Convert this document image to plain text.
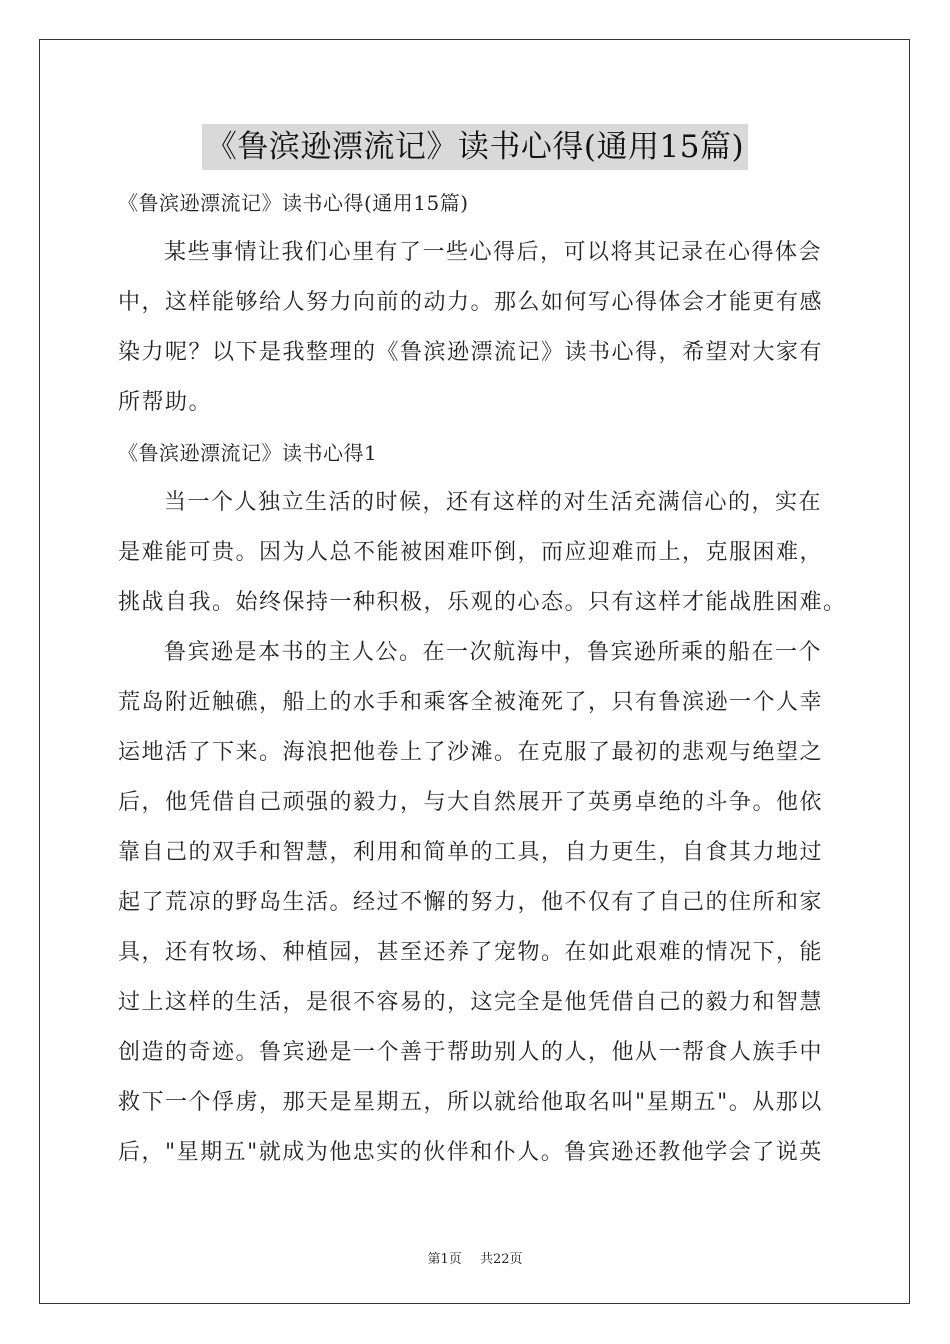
《鲁滨逊漂流记》读书心得(通用15篇)

《鲁滨逊漂流记》读书心得(通用15篇)

某些事情让我们心里有了一些心得后，可以将其记录在心得体会

中，这样能够给人努力向前的动力。那么如何写心得体会才能更有感

染力呢？以下是我整理的《鲁滨逊漂流记》读书心得，希望对大家有

所帮助。

《鲁滨逊漂流记》读书心得1

当一个人独立生活的时候，还有这样的对生活充满信心的，实在

是难能可贵。因为人总不能被困难吓倒，而应迎难而上，克服困难，

挑战自我。始终保持一种积极，乐观的心态。只有这样才能战胜困难。

鲁宾逊是本书的主人公。在一次航海中，鲁宾逊所乘的船在一个

荒岛附近触礁，船上的水手和乘客全被淹死了，只有鲁滨逊一个人幸

运地活了下来。海浪把他卷上了沙滩。在克服了最初的悲观与绝望之

后，他凭借自己顽强的毅力，与大自然展开了英勇卓绝的斗争。他依

靠自己的双手和智慧，利用和简单的工具，自力更生，自食其力地过

起了荒凉的野岛生活。经过不懈的努力，他不仅有了自己的住所和家

具，还有牧场、种植园，甚至还养了宠物。在如此艰难的情况下，能

过上这样的生活，是很不容易的，这完全是他凭借自己的毅力和智慧

创造的奇迹。鲁宾逊是一个善于帮助别人的人，他从一帮食人族手中

救下一个俘虏，那天是星期五，所以就给他取名叫"星期五"。从那以

后，"星期五"就成为他忠实的伙伴和仆人。鲁宾逊还教他学会了说英

第1页 共22页
